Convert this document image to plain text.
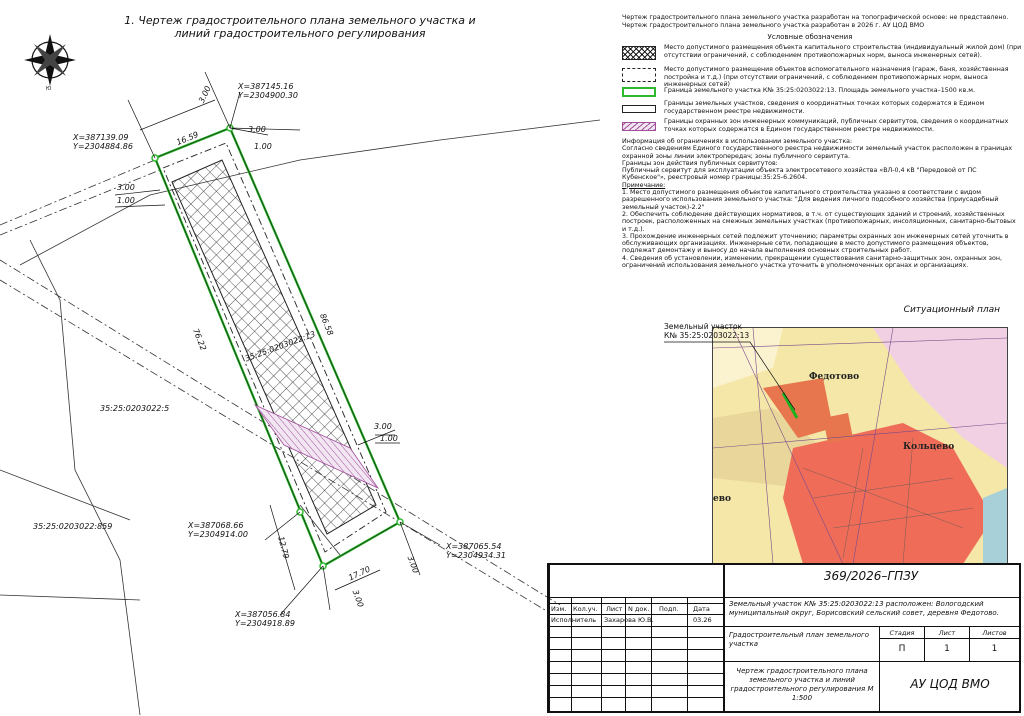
Ю
1. Чертеж градостроительного плана земельного участка и
линий градостроительного регулирования
3.00
16.59
3.00
1.00
3.00
1.00
86.58
76.22
3.00
1.00
12.79
17.70	3.00
3.00
X=387145.16
Y=2304900.30
X=387139.09
Y=2304884.86
X=387068.66
Y=2304914.00
X=387065.54
Y=2304934.31
X=387056.84
Y=2304918.89
35:25:0203022:13
35:25:0203022:5
35:25:0203022:859
Чертеж градостроительного плана земельного участка разработан на топографической основе: не представлено.
Чертеж градостроительного плана земельного участка разработан в 2026 г. АУ ЦОД ВМО
Условные обозначения
Место допустимого размещения объекта капитального строительства (индивидуальный жилой дом) (при отсутствии ограничений, с соблюдением противопожарных норм, выноса инженерных сетей).
Место допустимого размещения объектов вспомогательного назначения (гараж, баня, хозяйственная постройка и т.д.) (при отсутствии ограничений, с соблюдением противопожарных норм, выноса инженерных сетей)
Граница земельного участка К№ 35:25:0203022:13. Площадь земельного участка–1500 кв.м.
Границы земельных участков, сведения о координатных точках которых содержатся в Едином государственном реестре недвижимости.
Границы охранных зон инженерных коммуникаций, публичных сервитутов, сведения о координатных точках которых содержатся в Едином государственном реестре недвижимости.

Информация об ограничениях в использовании земельного участка:

Согласно сведениям Единого государственного реестра недвижимости земельный участок расположен в границах охранной зоны линии электропередач; зоны публичного сервитута.

Границы зон действия публичных сервитутов:

Публичный сервитут для эксплуатации объекта электросетевого хозяйства «ВЛ-0,4 кВ "Передовой от ПС Кубенское"», реестровый номер границы:35:25-6.2604.

Примечание:

1. Место допустимого размещения объектов капитального строительства указано в соответствии с видом разрешенного использования земельного участка: "Для ведения личного подсобного хозяйства (приусадебный земельный участок)-2.2"

2. Обеспечить соблюдение действующих нормативов, в т.ч. от существующих зданий и строений, хозяйственных построек, расположенных на смежных земельных участках (противопожарных, инсоляционных, санитарно-бытовых и т.д.).

3. Прохождение инженерных сетей подлежит уточнению; параметры охранных зон инженерных сетей уточнить в обслуживающих организациях. Инженерные сети, попадающие в место допустимого размещения объектов, подлежат демонтажу и выносу до начала выполнения основных строительных работ.

4. Сведения об установлении, изменении, прекращении существования санитарно-защитных зон, охранных зон, ограничений использования земельного участка уточнить в уполномоченных органах и организациях.

Ситуационный план
Федотово
Кольцево
ево
Земельный участок
К№ 35:25:0203022:13
369/2026–ГПЗУ
Земельный участок К№ 35:25:0203022:13 расположен: Вологодский муниципальный округ, Борисовский сельский совет, деревня Федотово.
Изм. Кол.уч. Лист N док. Подп. Дата
Исполнитель Захарова Ю.В.	03.26
Градостроительный план земельного участка
Стадия	Лист	Листов
П	1	1
Чертеж градостроительного плана земельного участка и линий градостроительного регулирования М 1:500
АУ ЦОД ВМО
